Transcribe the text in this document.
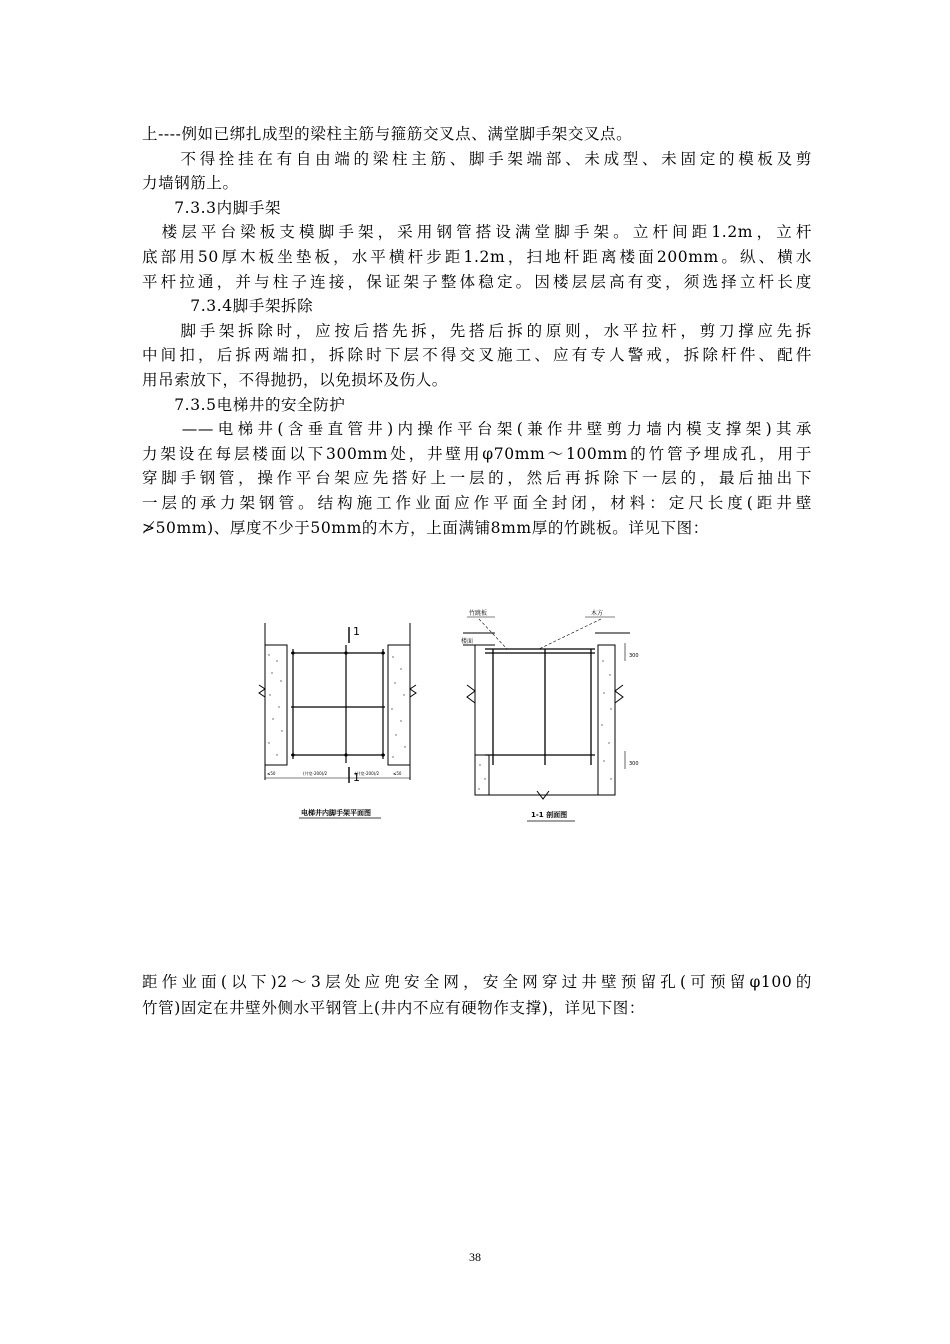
上----例如已绑扎成型的梁柱主筋与箍筋交叉点、满堂脚手架交叉点。
　　不得拴挂在有自由端的梁柱主筋、脚手架端部、未成型、未固定的模板及剪
力墙钢筋上。
　　7.3.3内脚手架
　楼层平台梁板支模脚手架，采用钢管搭设满堂脚手架。立杆间距1.2m，立杆
底部用50厚木板坐垫板，水平横杆步距1.2m，扫地杆距离楼面200mm。纵、横水
平杆拉通，并与柱子连接，保证架子整体稳定。因楼层层高有变，须选择立杆长度
　　　7.3.4脚手架拆除
　　脚手架拆除时，应按后搭先拆，先搭后拆的原则，水平拉杆，剪刀撑应先拆
中间扣，后拆两端扣，拆除时下层不得交叉施工、应有专人警戒，拆除杆件、配件
用吊索放下，不得抛扔，以免损坏及伤人。
　　7.3.5电梯井的安全防护
　　——电梯井(含垂直管井)内操作平台架(兼作井壁剪力墙内模支撑架)其承
力架设在每层楼面以下300mm处，井壁用φ70mm～100mm的竹管予埋成孔，用于
穿脚手钢管，操作平台架应先搭好上一层的，然后再拆除下一层的，最后抽出下
一层的承力架钢管。结构施工作业面应作平面全封闭，材料：定尺长度(距井壁
≯50mm)、厚度不少于50mm的木方，上面满铺8mm厚的竹跳板。详见下图：
1
1
≤50	(井宽-200)/2	(井宽-200)/2	≤50
电梯井内脚手架平面图
竹跳板	木方
楼面
300
300
1-1 剖面图
距作业面(以下)2～3层处应兜安全网，安全网穿过井壁预留孔(可预留φ100的
竹管)固定在井壁外侧水平钢管上(井内不应有硬物作支撑)，详见下图：
38
